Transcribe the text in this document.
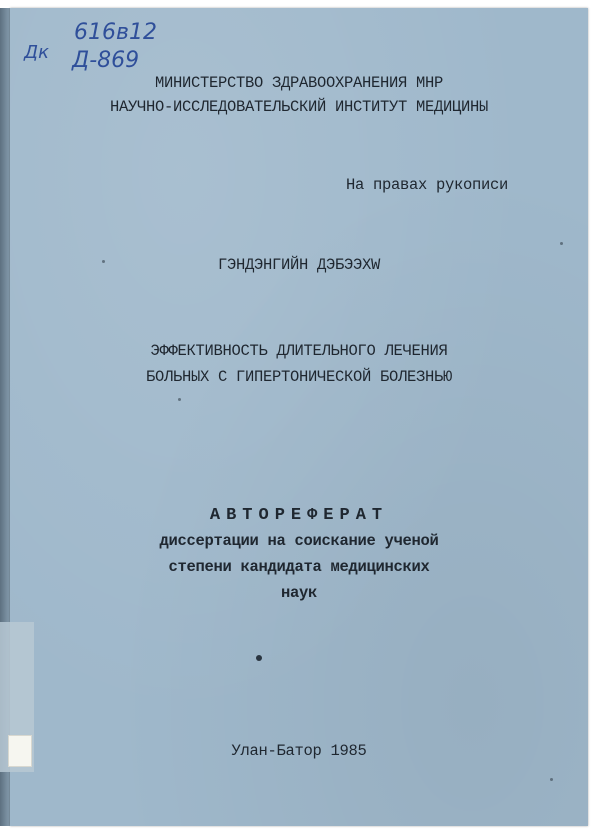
616в12
Дк Д-869
МИНИСТЕРСТВО ЗДРАВООХРАНЕНИЯ МНР
НАУЧНО-ИССЛЕДОВАТЕЛЬСКИЙ ИНСТИТУТ МЕДИЦИНЫ
На правах рукописи
ГЭНДЭНГИЙН ДЭБЭЭХW
ЭФФЕКТИВНОСТЬ ДЛИТЕЛЬНОГО ЛЕЧЕНИЯ
БОЛЬНЫХ С ГИПЕРТОНИЧЕСКОЙ БОЛЕЗНЬЮ
АВТОРЕФЕРАТ
диссертации на соискание ученой
степени кандидата медицинских
наук
Улан-Батор 1985
